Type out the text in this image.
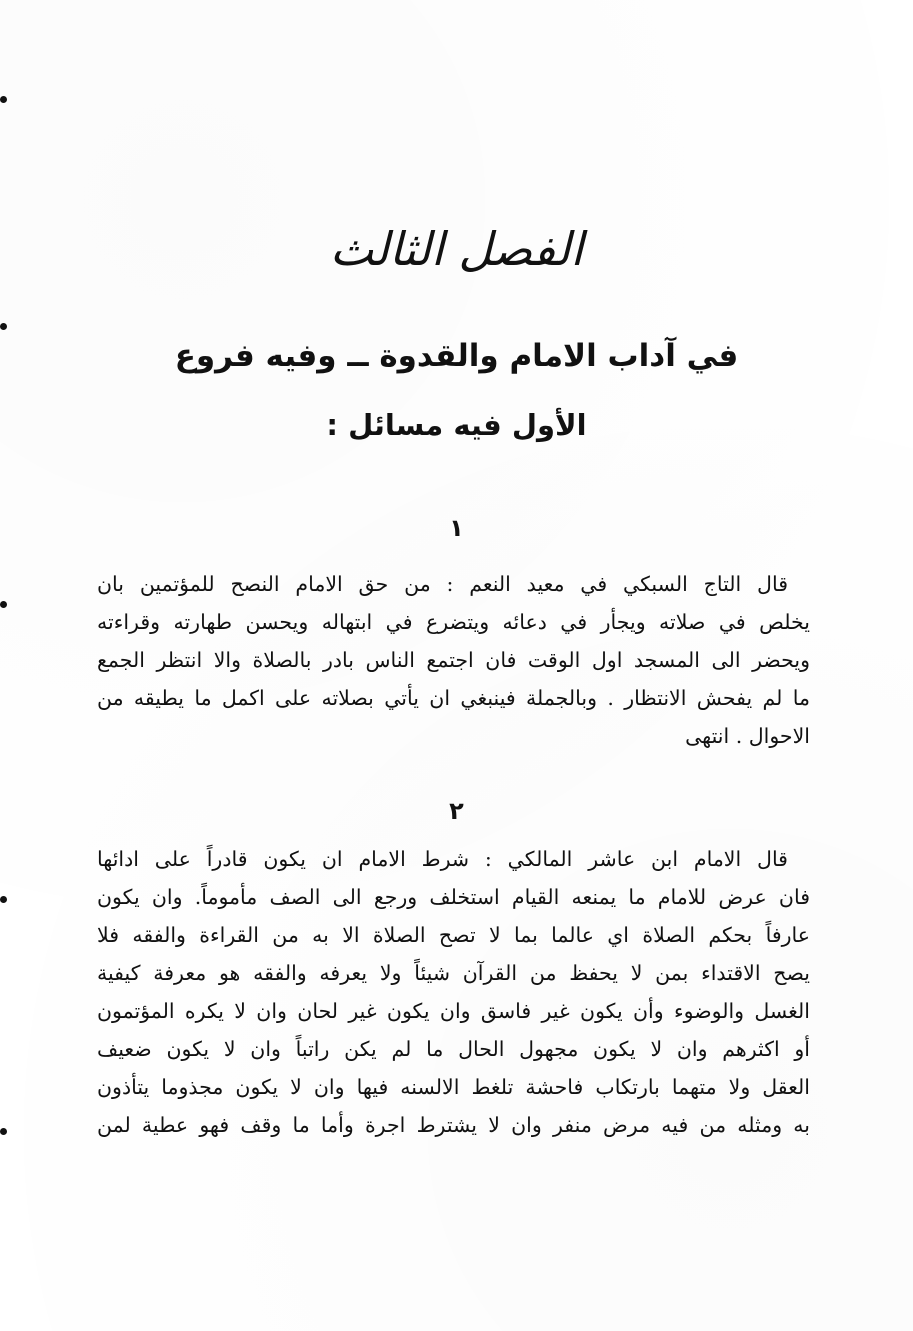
الفصل الثالث
في آداب الامام والقدوة ــ وفيه فروع
الأول فيه مسائل :
١
قال التاج السبكي في معيد النعم : من حق الامام النصح للمؤتمين بان
يخلص في صلاته ويجأر في دعائه ويتضرع في ابتهاله ويحسن طهارته وقراءته
ويحضر الى المسجد اول الوقت فان اجتمع الناس بادر بالصلاة والا انتظر الجمع
ما لم يفحش الانتظار . وبالجملة فينبغي ان يأتي بصلاته على اكمل ما يطيقه من
الاحوال . انتهى
٢
قال الامام ابن عاشر المالكي : شرط الامام ان يكون قادراً على ادائها
فان عرض للامام ما يمنعه القيام استخلف ورجع الى الصف مأموماً. وان يكون
عارفاً بحكم الصلاة اي عالما بما لا تصح الصلاة الا به من القراءة والفقه فلا
يصح الاقتداء بمن لا يحفظ من القرآن شيئاً ولا يعرفه والفقه هو معرفة كيفية
الغسل والوضوء وأن يكون غير فاسق وان يكون غير لحان وان لا يكره المؤتمون
أو اكثرهم وان لا يكون مجهول الحال ما لم يكن راتباً وان لا يكون ضعيف
العقل ولا متهما بارتكاب فاحشة تلغط الالسنه فيها وان لا يكون مجذوما يتأذون
به ومثله من فيه مرض منفر وان لا يشترط اجرة وأما ما وقف فهو عطية لمن
